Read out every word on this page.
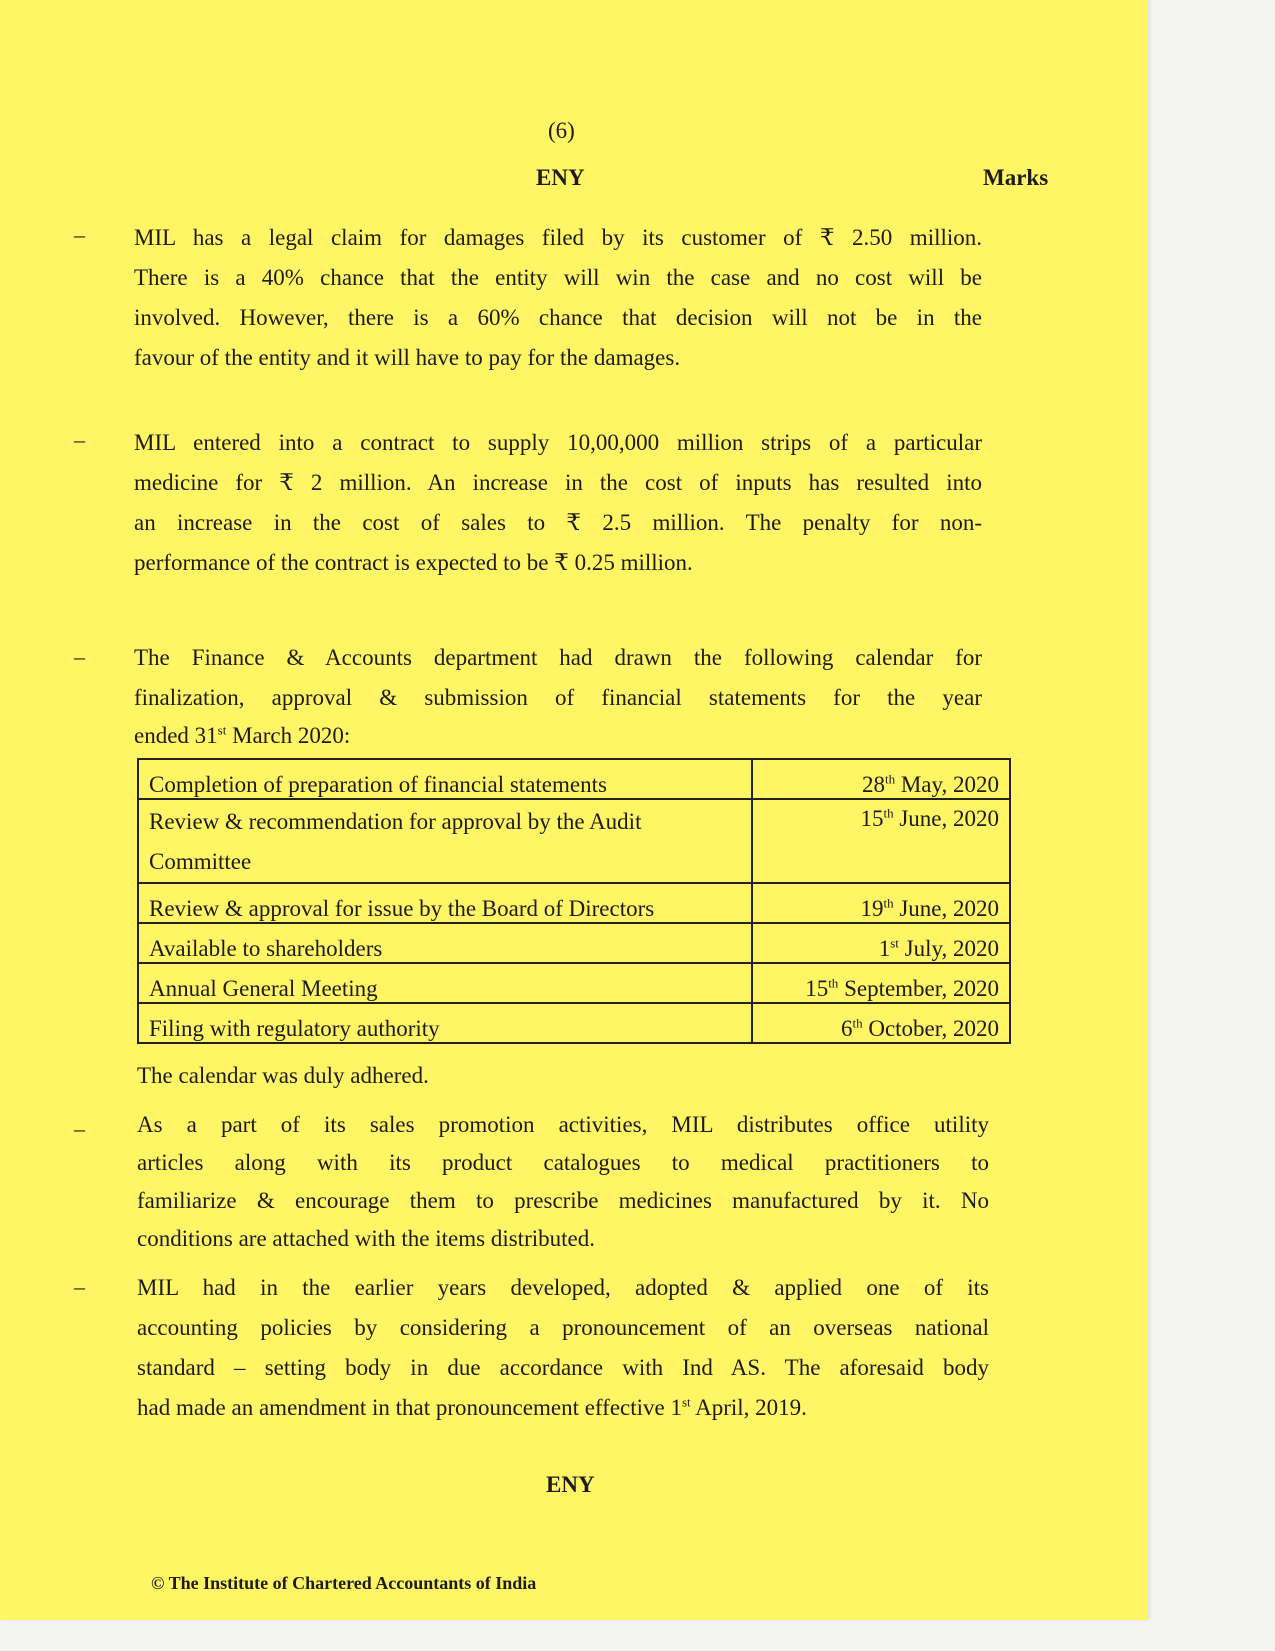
(6)
ENY	Marks
– MIL has a legal claim for damages filed by its customer of ₹ 2.50 million.
There is a 40% chance that the entity will win the case and no cost will be
involved. However, there is a 60% chance that decision will not be in the
favour of the entity and it will have to pay for the damages.
– MIL entered into a contract to supply 10,00,000 million strips of a particular
medicine for ₹ 2 million. An increase in the cost of inputs has resulted into
an increase in the cost of sales to ₹ 2.5 million. The penalty for non-
performance of the contract is expected to be ₹ 0.25 million.
– The Finance & Accounts department had drawn the following calendar for
finalization, approval & submission of financial statements for the year
ended 31st March 2020:
Completion of preparation of financial statements	28th May, 2020
Review & recommendation for approval by the Audit
Committee	15th June, 2020
Review & approval for issue by the Board of Directors	19th June, 2020
Available to shareholders	1st July, 2020
Annual General Meeting	15th September, 2020
Filing with regulatory authority	6th October, 2020
The calendar was duly adhered.
– As a part of its sales promotion activities, MIL distributes office utility
articles along with its product catalogues to medical practitioners to
familiarize & encourage them to prescribe medicines manufactured by it. No
conditions are attached with the items distributed.
– MIL had in the earlier years developed, adopted & applied one of its
accounting policies by considering a pronouncement of an overseas national
standard – setting body in due accordance with Ind AS. The aforesaid body
had made an amendment in that pronouncement effective 1st April, 2019.
ENY
© The Institute of Chartered Accountants of India
